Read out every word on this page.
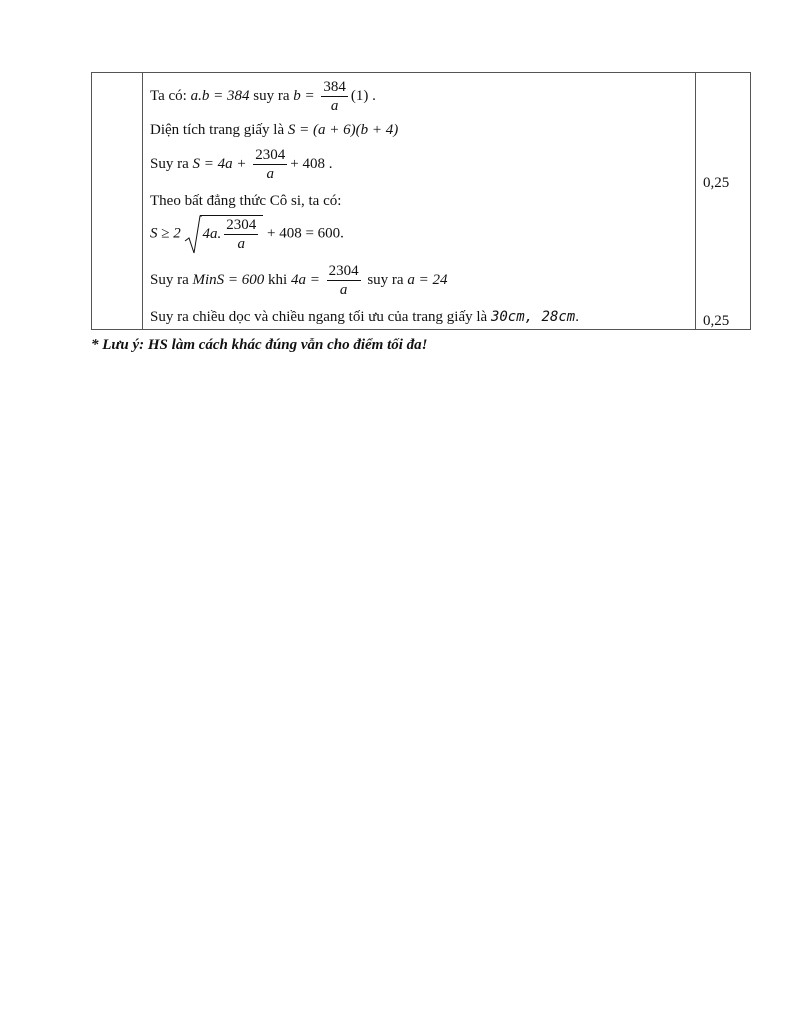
Ta có: a.b = 384 suy ra $b = \frac{384}{a} (1)$ .
Diện tích trang giấy là S = (a + 6)(b + 4)
Suy ra $S = 4a + \frac{2304}{a} + 408$ .
Theo bất đẳng thức Cô si, ta có:
S ≥ 2 4a. $\frac{2304}{a} + 408 = 600$.
Suy ra MinS = 600 khi $4a = \frac{2304}{a}$ suy ra a = 24
Suy ra chiều dọc và chiều ngang tối ưu của trang giấy là 30cm, 28cm.
0,25
0,25
* Lưu ý: HS làm cách khác đúng vẫn cho điểm tối đa!
